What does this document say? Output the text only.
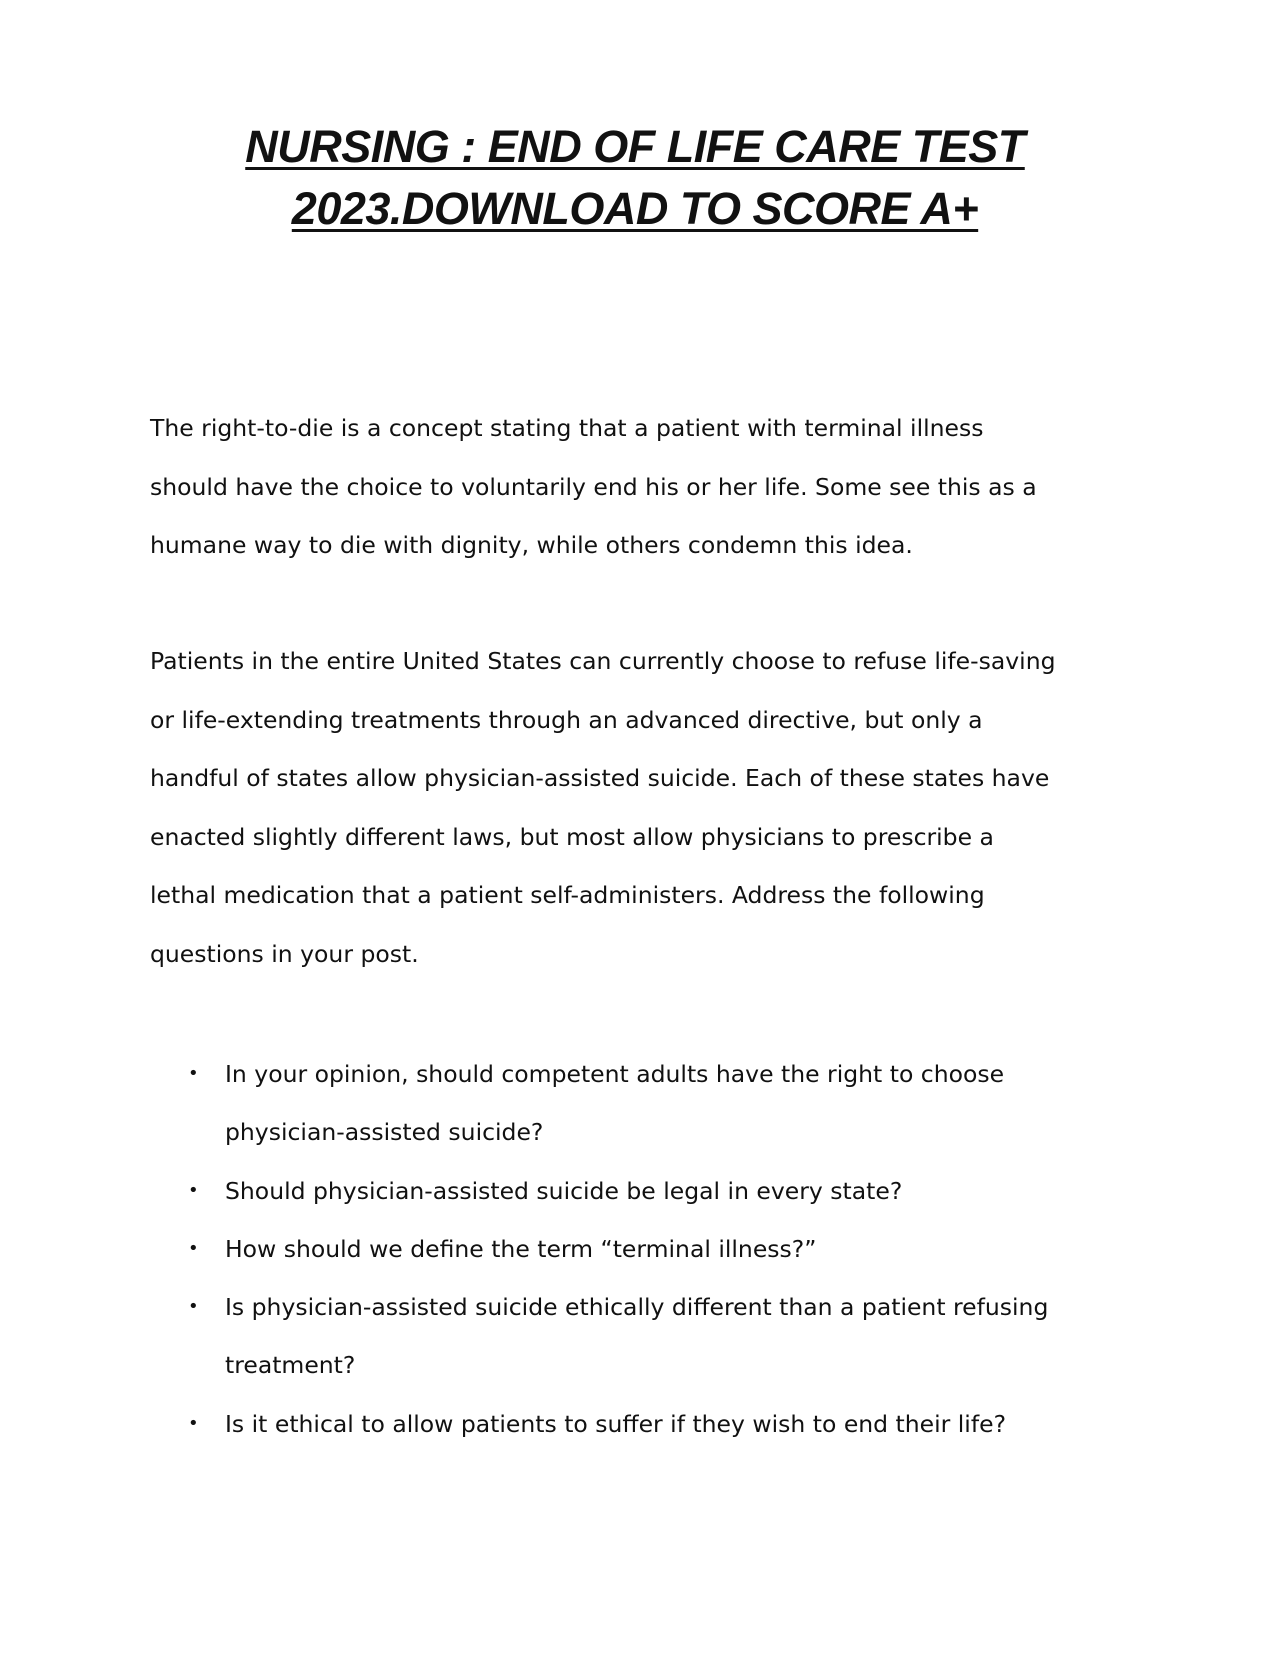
NURSING : END OF LIFE CARE TEST
2023.DOWNLOAD TO SCORE A+

The right-to-die is a concept stating that a patient with terminal illness
should have the choice to voluntarily end his or her life. Some see this as a
humane way to die with dignity, while others condemn this idea.

Patients in the entire United States can currently choose to refuse life-saving
or life-extending treatments through an advanced directive, but only a
handful of states allow physician-assisted suicide. Each of these states have
enacted slightly different laws, but most allow physicians to prescribe a
lethal medication that a patient self-administers. Address the following
questions in your post.

• In your opinion, should competent adults have the right to choose
physician-assisted suicide?
• Should physician-assisted suicide be legal in every state?
• How should we define the term “terminal illness?”
• Is physician-assisted suicide ethically different than a patient refusing
treatment?
• Is it ethical to allow patients to suffer if they wish to end their life?
